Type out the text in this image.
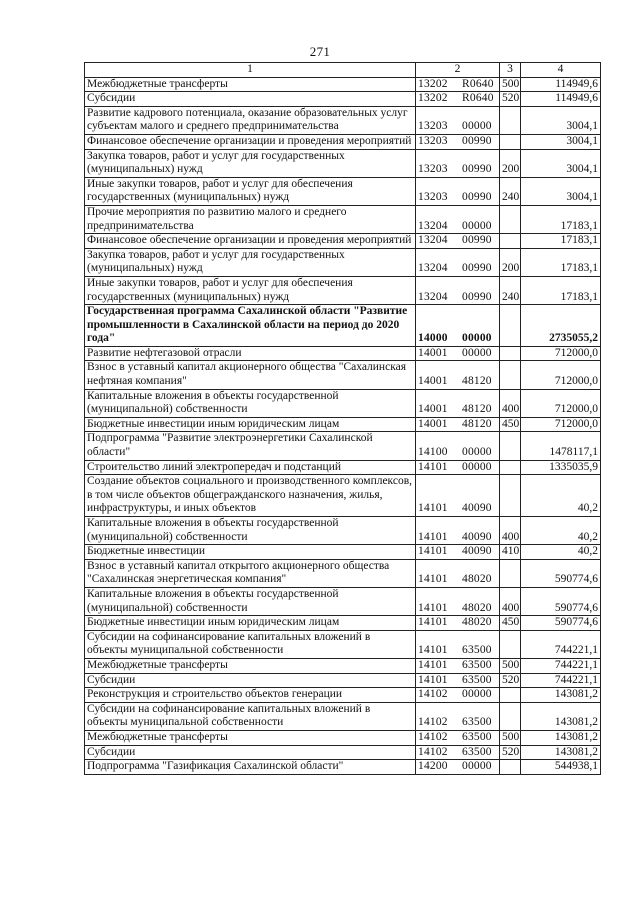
271
1	2	3	4
Межбюджетные трансферты	13202 R0640	500	114949,6
Субсидии	13202 R0640	520	114949,6
Развитие кадрового потенциала, оказание образовательных услуг субъектам малого и среднего предпринимательства	13203 00000		3004,1
Финансовое обеспечение организации и проведения мероприятий	13203 00990		3004,1
Закупка товаров, работ и услуг для государственных (муниципальных) нужд	13203 00990	200	3004,1
Иные закупки товаров, работ и услуг для обеспечения государственных (муниципальных) нужд	13203 00990	240	3004,1
Прочие мероприятия по развитию малого и среднего предпринимательства	13204 00000		17183,1
Финансовое обеспечение организации и проведения мероприятий	13204 00990		17183,1
Закупка товаров, работ и услуг для государственных (муниципальных) нужд	13204 00990	200	17183,1
Иные закупки товаров, работ и услуг для обеспечения государственных (муниципальных) нужд	13204 00990	240	17183,1
Государственная программа Сахалинской области "Развитие промышленности в Сахалинской области на период до 2020 года"	14000 00000		2735055,2
Развитие нефтегазовой отрасли	14001 00000		712000,0
Взнос в уставный капитал акционерного общества "Сахалинская нефтяная компания"	14001 48120		712000,0
Капитальные вложения в объекты государственной (муниципальной) собственности	14001 48120	400	712000,0
Бюджетные инвестиции иным юридическим лицам	14001 48120	450	712000,0
Подпрограмма "Развитие электроэнергетики Сахалинской области"	14100 00000		1478117,1
Строительство линий электропередач и подстанций	14101 00000		1335035,9
Создание объектов социального и производственного комплексов, в том числе объектов общегражданского назначения, жилья, инфраструктуры, и иных объектов	14101 40090		40,2
Капитальные вложения в объекты государственной (муниципальной) собственности	14101 40090	400	40,2
Бюджетные инвестиции	14101 40090	410	40,2
Взнос в уставный капитал открытого акционерного общества "Сахалинская энергетическая компания"	14101 48020		590774,6
Капитальные вложения в объекты государственной (муниципальной) собственности	14101 48020	400	590774,6
Бюджетные инвестиции иным юридическим лицам	14101 48020	450	590774,6
Субсидии на софинансирование капитальных вложений в объекты муниципальной собственности	14101 63500		744221,1
Межбюджетные трансферты	14101 63500	500	744221,1
Субсидии	14101 63500	520	744221,1
Реконструкция и строительство объектов генерации	14102 00000		143081,2
Субсидии на софинансирование капитальных вложений в объекты муниципальной собственности	14102 63500		143081,2
Межбюджетные трансферты	14102 63500	500	143081,2
Субсидии	14102 63500	520	143081,2
Подпрограмма "Газификация Сахалинской области"	14200 00000		544938,1
